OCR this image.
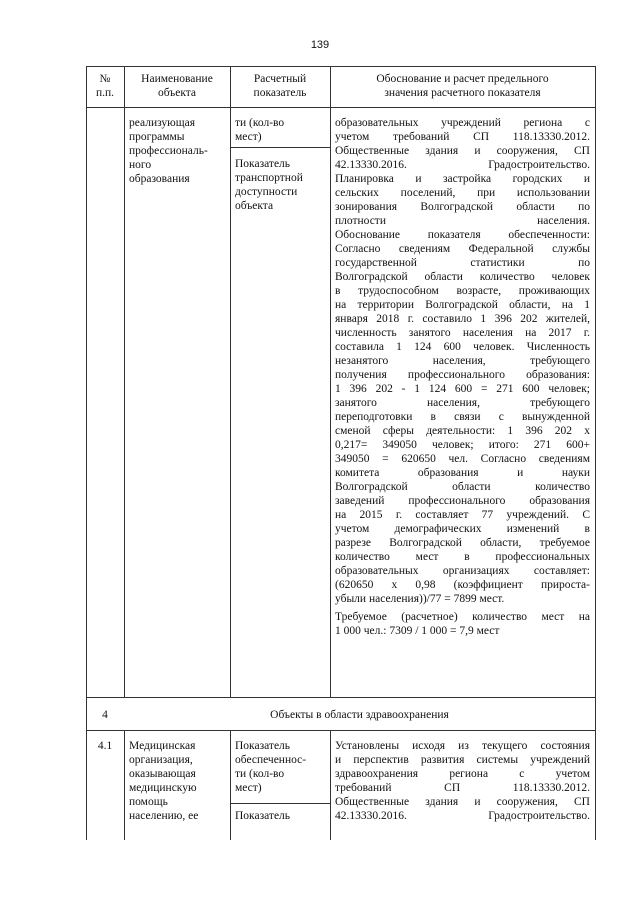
139
№
п.п.
Наименование
объекта
Расчетный
показатель
Обоснование и расчет предельного
значения расчетного показателя
реализующая
программы
профессиональ-
ного
образования
ти (кол-во
мест)
Показатель
транспортной
доступности
объекта
образовательных учреждений региона с
учетом требований СП 118.13330.2012.
Общественные здания и сооружения, СП
42.13330.2016. Градостроительство.
Планировка и застройка городских и
сельских поселений, при использовании
зонирования Волгоградской области по
плотности населения.
Обоснование показателя обеспеченности:
Согласно сведениям Федеральной службы
государственной статистики по
Волгоградской области количество человек
в трудоспособном возрасте, проживающих
на территории Волгоградской области, на 1
января 2018 г. составило 1 396 202 жителей,
численность занятого населения на 2017 г.
составила 1 124 600 человек. Численность
незанятого населения, требующего
получения профессионального образования:
1 396 202 - 1 124 600 = 271 600 человек;
занятого населения, требующего
переподготовки в связи с вынужденной
сменой сферы деятельности: 1 396 202 х
0,217= 349050 человек; итого: 271 600+
349050 = 620650 чел. Согласно сведениям
комитета образования и науки
Волгоградской области количество
заведений профессионального образования
на 2015 г. составляет 77 учреждений. С
учетом демографических изменений в
разрезе Волгоградской области, требуемое
количество мест в профессиональных
образовательных организациях составляет:
(620650 х 0,98 (коэффициент прироста-
убыли населения))/77 = 7899 мест.
Требуемое (расчетное) количество мест на
1 000 чел.: 7309 / 1 000 = 7,9 мест
4	Объекты в области здравоохранения
4.1	Медицинская
организация,
оказывающая
медицинскую
помощь
населению, ее
Показатель
обеспеченнос-
ти (кол-во
мест)
Показатель
Установлены исходя из текущего состояния
и перспектив развития системы учреждений
здравоохранения региона с учетом
требований СП 118.13330.2012.
Общественные здания и сооружения, СП
42.13330.2016. Градостроительство.
